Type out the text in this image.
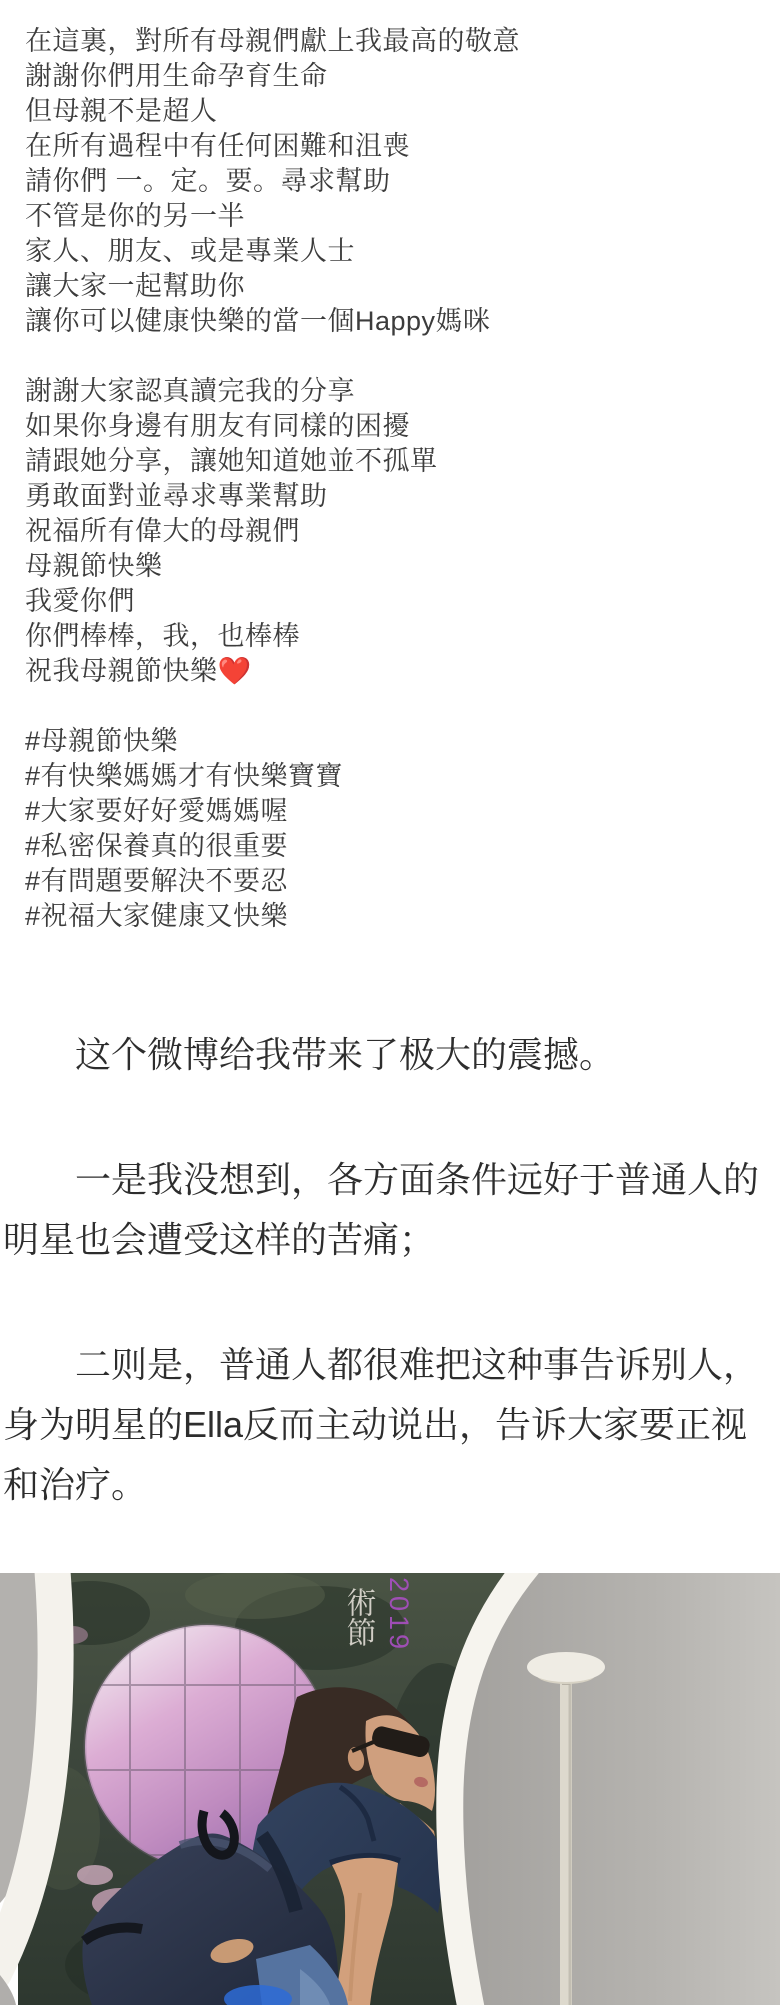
在這裏，對所有母親們獻上我最高的敬意
謝謝你們用生命孕育生命
但母親不是超人
在所有過程中有任何困難和沮喪
請你們 一。定。要。尋求幫助
不管是你的另一半
家人、朋友、或是專業人士
讓大家一起幫助你
讓你可以健康快樂的當一個Happy媽咪
謝謝大家認真讀完我的分享
如果你身邊有朋友有同樣的困擾
請跟她分享，讓她知道她並不孤單
勇敢面對並尋求專業幫助
祝福所有偉大的母親們
母親節快樂
我愛你們
你們棒棒，我，也棒棒
祝我母親節快樂❤️
#母親節快樂
#有快樂媽媽才有快樂寶寶
#大家要好好愛媽媽喔
#私密保養真的很重要
#有問題要解決不要忍
#祝福大家健康又快樂
这个微博给我带来了极大的震撼。
一是我没想到，各方面条件远好于普通人的
明星也会遭受这样的苦痛；
二则是，普通人都很难把这种事告诉别人，
身为明星的Ella反而主动说出，告诉大家要正视
和治疗。
術節 2019
